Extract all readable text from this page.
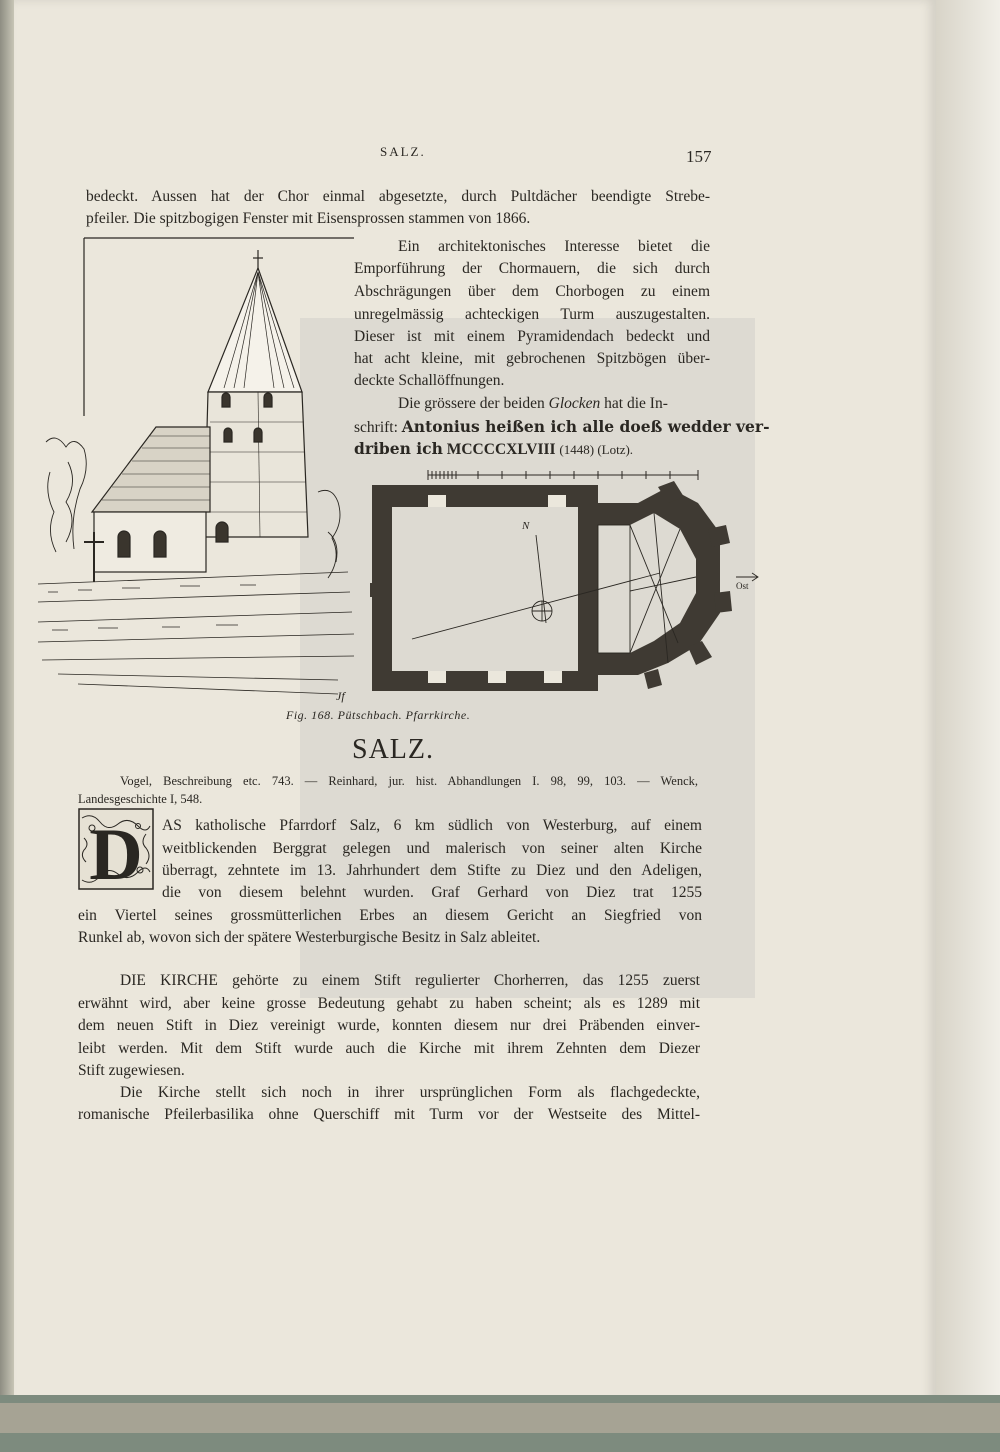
SALZ.	157
bedeckt. Aussen hat der Chor einmal abgesetzte, durch Pultdächer beendigte Strebe-
pfeiler. Die spitzbogigen Fenster mit Eisensprossen stammen von 1866.
Ein architektonisches Interesse bietet die
Emporführung der Chormauern, die sich durch
Abschrägungen über dem Chorbogen zu einem
unregelmässig achteckigen Turm auszugestalten.
Dieser ist mit einem Pyramidendach bedeckt und
hat acht kleine, mit gebrochenen Spitzbögen über-
deckte Schallöffnungen.
Die grössere der beiden Glocken hat die In-
schrift: Antonius heißen ich alle doeß wedder ver-
driben ich MCCCCXLVIII (1448) (Lotz).
Jf
N
Ost
Fig. 168. Pütschbach. Pfarrkirche.
SALZ.
Vogel, Beschreibung etc. 743. — Reinhard, jur. hist. Abhandlungen I. 98, 99, 103. — Wenck,
Landesgeschichte I, 548.
D AS katholische Pfarrdorf Salz, 6 km südlich von Westerburg, auf einem
weitblickenden Berggrat gelegen und malerisch von seiner alten Kirche
überragt, zehntete im 13. Jahrhundert dem Stifte zu Diez und den Adeligen,
die von diesem belehnt wurden. Graf Gerhard von Diez trat 1255
ein Viertel seines grossmütterlichen Erbes an diesem Gericht an Siegfried von
Runkel ab, wovon sich der spätere Westerburgische Besitz in Salz ableitet.
DIE KIRCHE gehörte zu einem Stift regulierter Chorherren, das 1255 zuerst
erwähnt wird, aber keine grosse Bedeutung gehabt zu haben scheint; als es 1289 mit
dem neuen Stift in Diez vereinigt wurde, konnten diesem nur drei Präbenden einver-
leibt werden. Mit dem Stift wurde auch die Kirche mit ihrem Zehnten dem Diezer
Stift zugewiesen.
Die Kirche stellt sich noch in ihrer ursprünglichen Form als flachgedeckte,
romanische Pfeilerbasilika ohne Querschiff mit Turm vor der Westseite des Mittel-
